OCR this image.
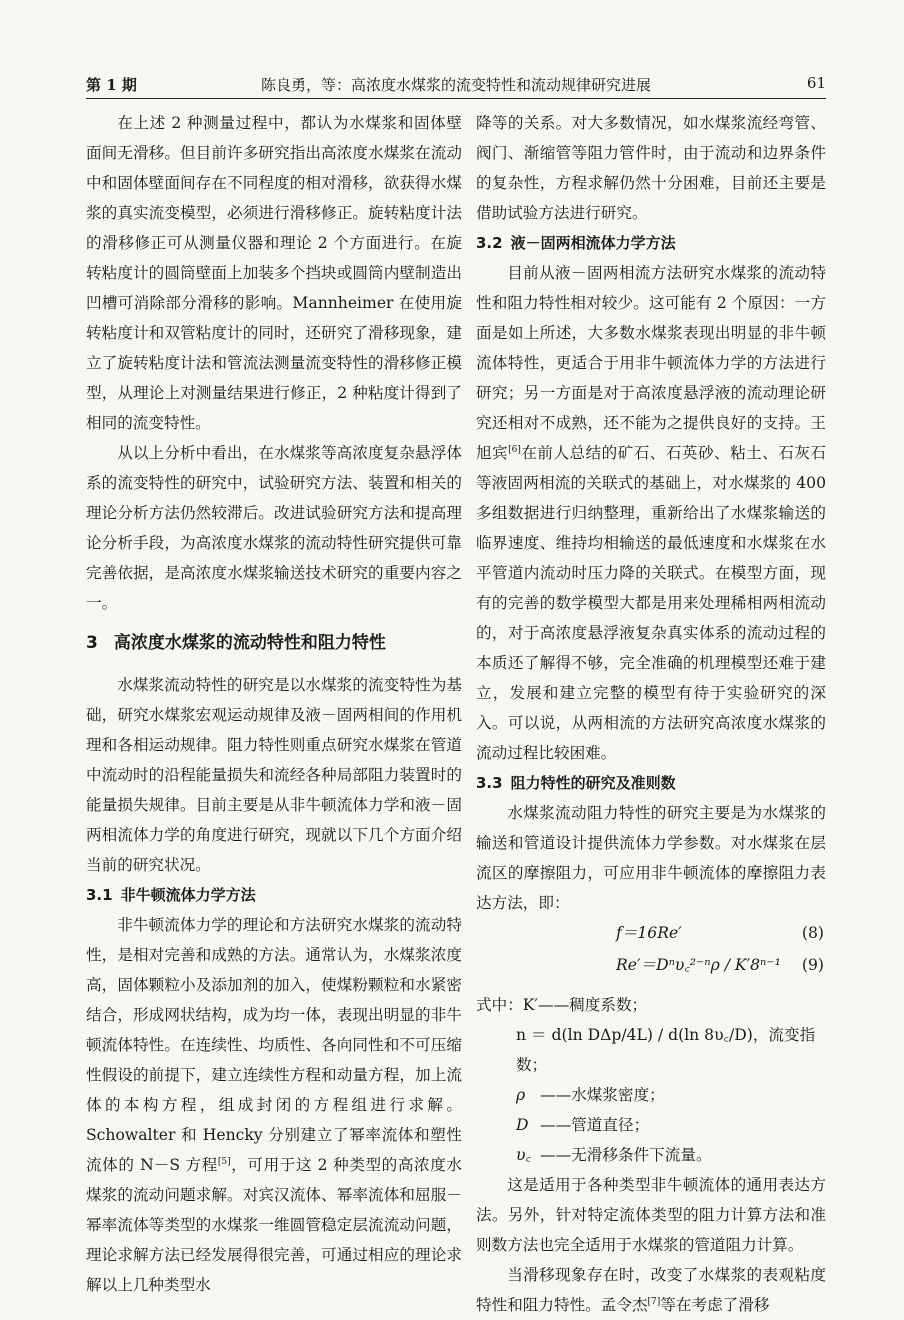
第 1 期	陈良勇，等：高浓度水煤浆的流变特性和流动规律研究进展	61

在上述 2 种测量过程中，都认为水煤浆和固体壁面间无滑移。但目前许多研究指出高浓度水煤浆在流动中和固体壁面间存在不同程度的相对滑移，欲获得水煤浆的真实流变模型，必须进行滑移修正。旋转粘度计法的滑移修正可从测量仪器和理论 2 个方面进行。在旋转粘度计的圆筒壁面上加装多个挡块或圆筒内壁制造出凹槽可消除部分滑移的影响。Mannheimer 在使用旋转粘度计和双管粘度计的同时，还研究了滑移现象，建立了旋转粘度计法和管流法测量流变特性的滑移修正模型，从理论上对测量结果进行修正，2 种粘度计得到了相同的流变特性。

从以上分析中看出，在水煤浆等高浓度复杂悬浮体系的流变特性的研究中，试验研究方法、装置和相关的理论分析方法仍然较滞后。改进试验研究方法和提高理论分析手段，为高浓度水煤浆的流动特性研究提供可靠完善依据，是高浓度水煤浆输送技术研究的重要内容之一。

3 高浓度水煤浆的流动特性和阻力特性

水煤浆流动特性的研究是以水煤浆的流变特性为基础，研究水煤浆宏观运动规律及液－固两相间的作用机理和各相运动规律。阻力特性则重点研究水煤浆在管道中流动时的沿程能量损失和流经各种局部阻力装置时的能量损失规律。目前主要是从非牛顿流体力学和液－固两相流体力学的角度进行研究，现就以下几个方面介绍当前的研究状况。

3.1 非牛顿流体力学方法

非牛顿流体力学的理论和方法研究水煤浆的流动特性，是相对完善和成熟的方法。通常认为，水煤浆浓度高，固体颗粒小及添加剂的加入，使煤粉颗粒和水紧密结合，形成网状结构，成为均一体，表现出明显的非牛顿流体特性。在连续性、均质性、各向同性和不可压缩性假设的前提下，建立连续性方程和动量方程，加上流体的本构方程，组成封闭的方程组进行求解。Schowalter 和 Hencky 分别建立了幂率流体和塑性流体的 N－S 方程[5]，可用于这 2 种类型的高浓度水煤浆的流动问题求解。对宾汉流体、幂率流体和屈服－幂率流体等类型的水煤浆一维圆管稳定层流流动问题，理论求解方法已经发展得很完善，可通过相应的理论求解以上几种类型水

降等的关系。对大多数情况，如水煤浆流经弯管、阀门、渐缩管等阻力管件时，由于流动和边界条件的复杂性，方程求解仍然十分困难，目前还主要是借助试验方法进行研究。

3.2 液－固两相流体力学方法

目前从液－固两相流方法研究水煤浆的流动特性和阻力特性相对较少。这可能有 2 个原因：一方面是如上所述，大多数水煤浆表现出明显的非牛顿流体特性，更适合于用非牛顿流体力学的方法进行研究；另一方面是对于高浓度悬浮液的流动理论研究还相对不成熟，还不能为之提供良好的支持。王旭宾[6]在前人总结的矿石、石英砂、粘土、石灰石等液固两相流的关联式的基础上，对水煤浆的 400 多组数据进行归纳整理，重新给出了水煤浆输送的临界速度、维持均相输送的最低速度和水煤浆在水平管道内流动时压力降的关联式。在模型方面，现有的完善的数学模型大都是用来处理稀相两相流动的，对于高浓度悬浮液复杂真实体系的流动过程的本质还了解得不够，完全准确的机理模型还难于建立，发展和建立完整的模型有待于实验研究的深入。可以说，从两相流的方法研究高浓度水煤浆的流动过程比较困难。

3.3 阻力特性的研究及准则数

水煤浆流动阻力特性的研究主要是为水煤浆的输送和管道设计提供流体力学参数。对水煤浆在层流区的摩擦阻力，可应用非牛顿流体的摩擦阻力表达方法，即：

f＝16Re′	(8)
Re′＝Dⁿυ꜀²⁻ⁿρ / K′8ⁿ⁻¹ (9)

式中：K′——稠度系数；

n ＝ d(ln DΔp/4L) / d(ln 8υ꜀/D)，流变指数；

ρ ——水煤浆密度；

D ——管道直径；

υ꜀ ——无滑移条件下流量。

这是适用于各种类型非牛顿流体的通用表达方法。另外，针对特定流体类型的阻力计算方法和准则数方法也完全适用于水煤浆的管道阻力计算。

当滑移现象存在时，改变了水煤浆的表观粘度特性和阻力特性。孟令杰[7]等在考虑了滑移
